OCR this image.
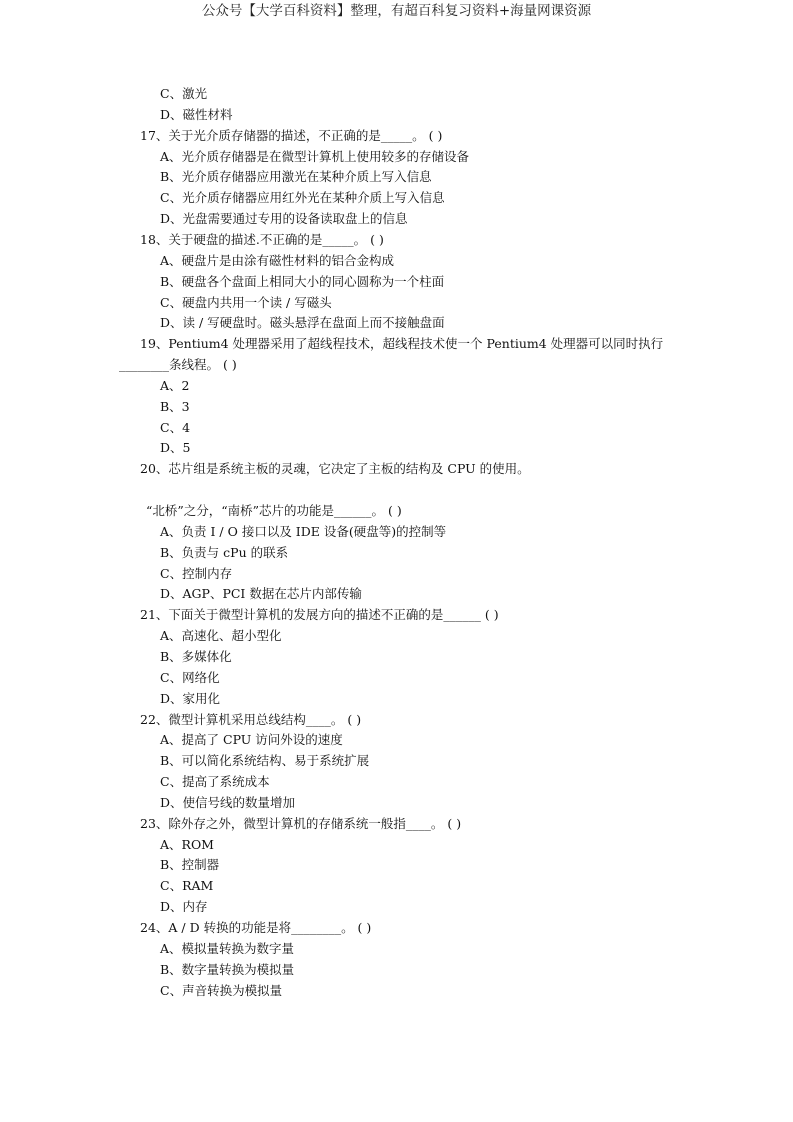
公众号【大学百科资料】整理，有超百科复习资料+海量网课资源
C、激光
D、磁性材料
17、关于光介质存储器的描述，不正确的是_____。 ( )
A、光介质存储器是在微型计算机上使用较多的存储设备
B、光介质存储器应用激光在某种介质上写入信息
C、光介质存储器应用红外光在某种介质上写入信息
D、光盘需要通过专用的设备读取盘上的信息
18、关于硬盘的描述.不正确的是_____。 ( )
A、硬盘片是由涂有磁性材料的铝合金构成
B、硬盘各个盘面上相同大小的同心圆称为一个柱面
C、硬盘内共用一个读 / 写磁头
D、读 / 写硬盘时。磁头悬浮在盘面上而不接触盘面
19、Pentium4 处理器采用了超线程技术，超线程技术使一个 Pentium4 处理器可以同时执行
________条线程。 ( )
A、2
B、3
C、4
D、5
20、芯片组是系统主板的灵魂，它决定了主板的结构及 CPU 的使用。
“北桥”之分，“南桥”芯片的功能是______。 ( )
A、负责 I / O 接口以及 IDE 设备(硬盘等)的控制等
B、负责与 cPu 的联系
C、控制内存
D、AGP、PCI 数据在芯片内部传输
21、下面关于微型计算机的发展方向的描述不正确的是______ ( )
A、高速化、超小型化
B、多媒体化
C、网络化
D、家用化
22、微型计算机采用总线结构____。 ( )
A、提高了 CPU 访问外设的速度
B、可以简化系统结构、易于系统扩展
C、提高了系统成本
D、使信号线的数量增加
23、除外存之外，微型计算机的存储系统一般指____。 ( )
A、ROM
B、控制器
C、RAM
D、内存
24、A / D 转换的功能是将________。 ( )
A、模拟量转换为数字量
B、数字量转换为模拟量
C、声音转换为模拟量
